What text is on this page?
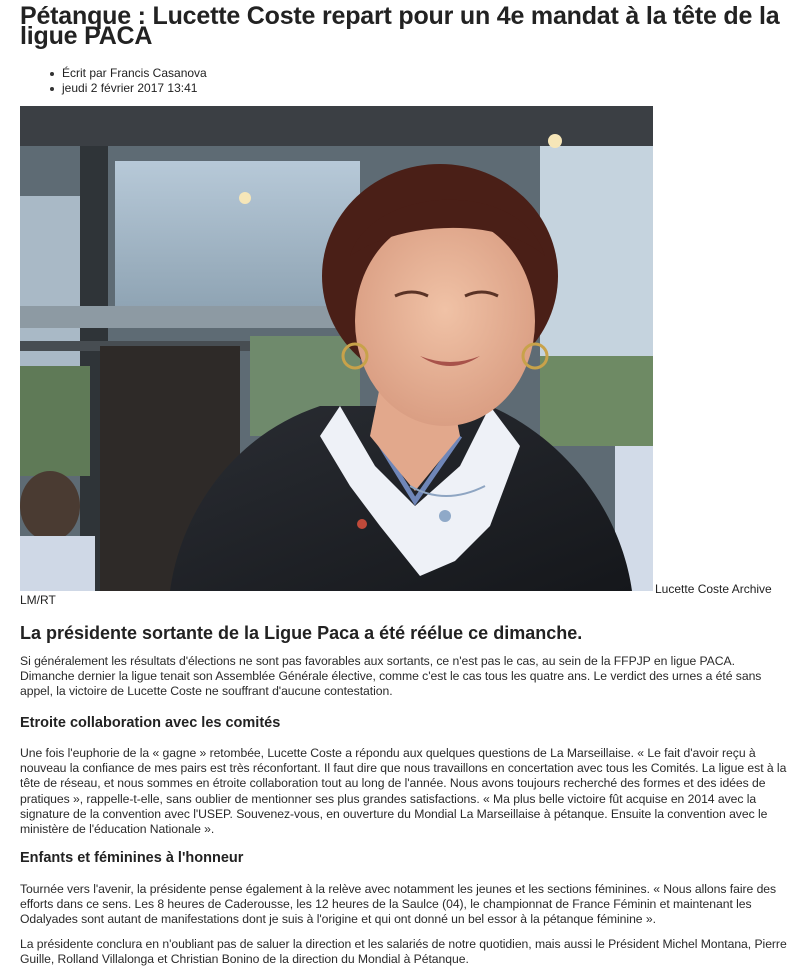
Pétanque : Lucette Coste repart pour un 4e mandat à la tête de la ligue PACA
Écrit par Francis Casanova
jeudi 2 février 2017 13:41
Lucette Coste Archive
LM/RT
La présidente sortante de la Ligue Paca a été réélue ce dimanche.

Si généralement les résultats d'élections ne sont pas favorables aux sortants, ce n'est pas le cas, au sein de la FFPJP en ligue PACA. Dimanche dernier la ligue tenait son Assemblée Générale élective, comme c'est le cas tous les quatre ans. Le verdict des urnes a été sans appel, la victoire de Lucette Coste ne souffrant d'aucune contestation.

Etroite collaboration avec les comités

Une fois l'euphorie de la « gagne » retombée, Lucette Coste a répondu aux quelques questions de La Marseillaise. « Le fait d'avoir reçu à nouveau la confiance de mes pairs est très réconfortant. Il faut dire que nous travaillons en concertation avec tous les Comités. La ligue est à la tête de réseau, et nous sommes en étroite collaboration tout au long de l'année. Nous avons toujours recherché des formes et des idées de pratiques », rappelle-t-elle, sans oublier de mentionner ses plus grandes satisfactions. « Ma plus belle victoire fût acquise en 2014 avec la signature de la convention avec l'USEP. Souvenez-vous, en ouverture du Mondial La Marseillaise à pétanque. Ensuite la convention avec le ministère de l'éducation Nationale ».

Enfants et féminines à l'honneur

Tournée vers l'avenir, la présidente pense également à la relève avec notamment les jeunes et les sections féminines. « Nous allons faire des efforts dans ce sens. Les 8 heures de Caderousse, les 12 heures de la Saulce (04), le championnat de France Féminin et maintenant les Odalyades sont autant de manifestations dont je suis à l'origine et qui ont donné un bel essor à la pétanque féminine ».

La présidente conclura en n'oubliant pas de saluer la direction et les salariés de notre quotidien, mais aussi le Président Michel Montana, Pierre Guille, Rolland Villalonga et Christian Bonino de la direction du Mondial à Pétanque.
